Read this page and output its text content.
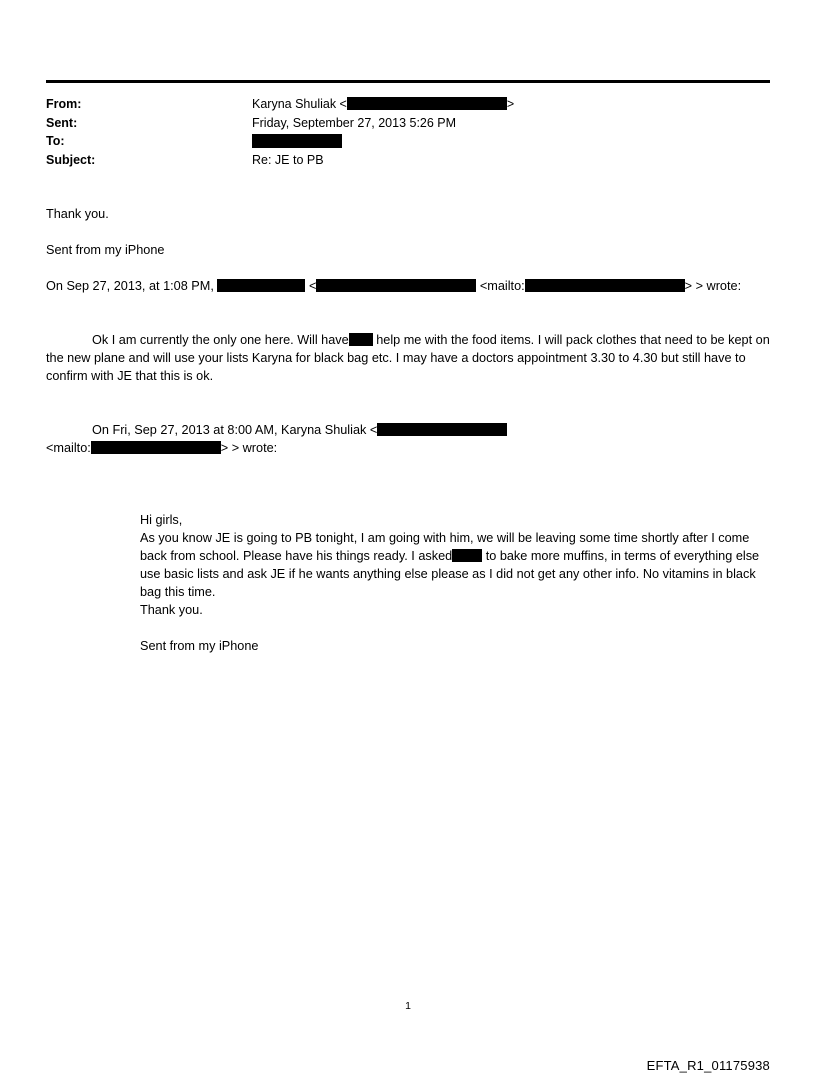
From:	Karyna Shuliak < >
Sent:	Friday, September 27, 2013 5:26 PM
To:	
Subject:	Re: JE to PB

Thank you.

Sent from my iPhone

On Sep 27, 2013, at 1:08 PM,	<	<mailto:	> > wrote:

Ok I am currently the only one here. Will have help me with the food items. I will pack clothes that need to be kept on the new plane and will use your lists Karyna for black bag etc. I may have a doctors appointment 3.30 to 4.30 but still have to confirm with JE that this is ok.

On Fri, Sep 27, 2013 at 8:00 AM, Karyna Shuliak <
<mailto:	> > wrote:

Hi girls,
As you know JE is going to PB tonight, I am going with him, we will be leaving some time shortly after I come back from school. Please have his things ready. I asked	to bake more muffins, in terms of everything else use basic lists and ask JE if he wants anything else please as I did not get any other info. No vitamins in black bag this time.
Thank you.
Sent from my iPhone
1
EFTA_R1_01175938
